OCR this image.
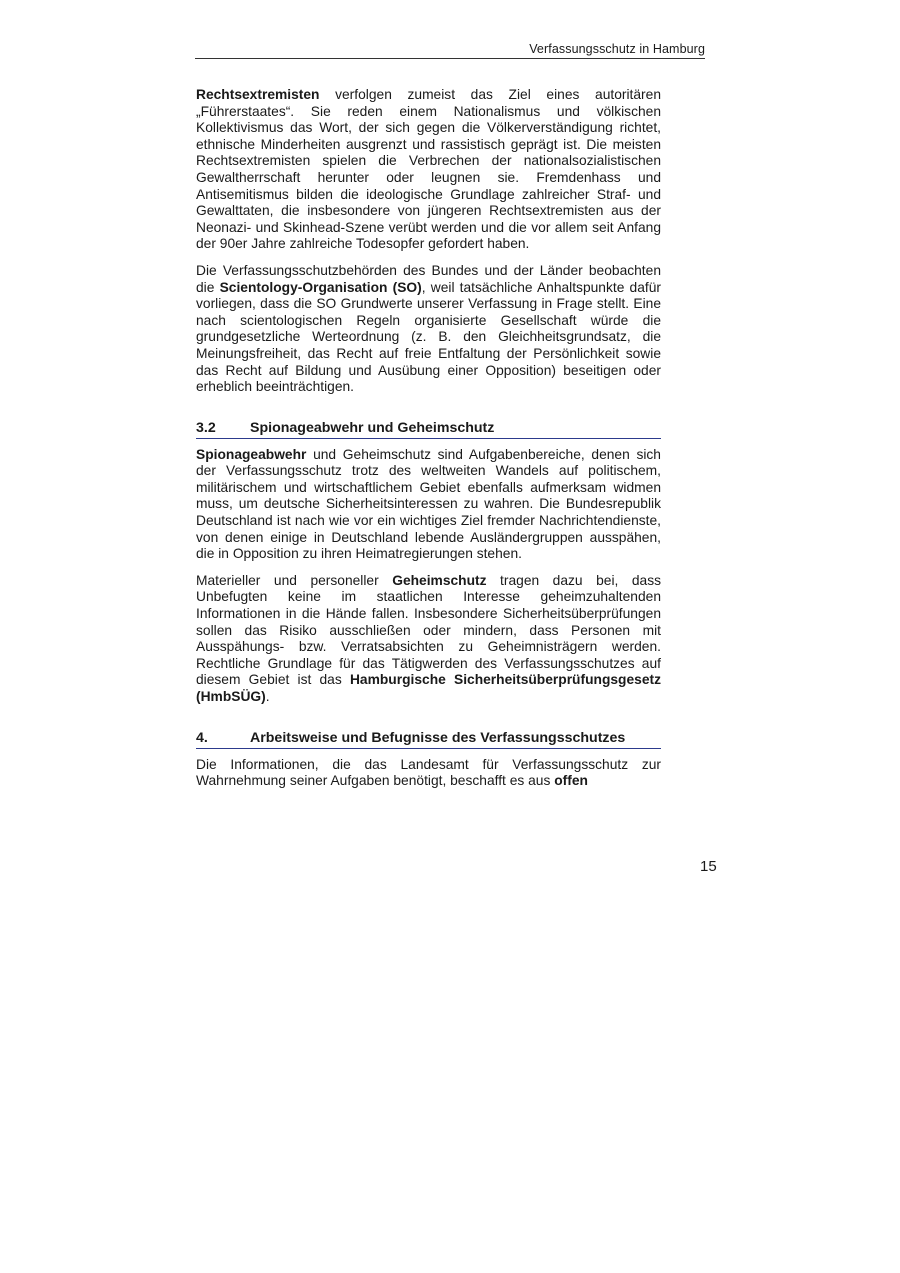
Verfassungsschutz in Hamburg

Rechtsextremisten verfolgen zumeist das Ziel eines autoritären „Führerstaates“. Sie reden einem Nationalismus und völkischen Kollektivismus das Wort, der sich gegen die Völkerverständigung richtet, ethnische Minderheiten ausgrenzt und rassistisch geprägt ist. Die meisten Rechtsextremisten spielen die Verbrechen der nationalsozialistischen Gewaltherrschaft herunter oder leugnen sie. Fremdenhass und Antisemitismus bilden die ideologische Grundlage zahlreicher Straf- und Gewalttaten, die insbesondere von jüngeren Rechtsextremisten aus der Neonazi- und Skinhead-Szene verübt werden und die vor allem seit Anfang der 90er Jahre zahlreiche Todesopfer gefordert haben.

Die Verfassungsschutzbehörden des Bundes und der Länder beobachten die Scientology-Organisation (SO), weil tatsächliche Anhaltspunkte dafür vorliegen, dass die SO Grundwerte unserer Verfassung in Frage stellt. Eine nach scientologischen Regeln organisierte Gesellschaft würde die grundgesetzliche Werteordnung (z. B. den Gleichheitsgrundsatz, die Meinungsfreiheit, das Recht auf freie Entfaltung der Persönlichkeit sowie das Recht auf Bildung und Ausübung einer Opposition) beseitigen oder erheblich beeinträchtigen.

3.2	Spionageabwehr und Geheimschutz

Spionageabwehr und Geheimschutz sind Aufgabenbereiche, denen sich der Verfassungsschutz trotz des weltweiten Wandels auf politischem, militärischem und wirtschaftlichem Gebiet ebenfalls aufmerksam widmen muss, um deutsche Sicherheitsinteressen zu wahren. Die Bundesrepublik Deutschland ist nach wie vor ein wichtiges Ziel fremder Nachrichtendienste, von denen einige in Deutschland lebende Ausländergruppen ausspähen, die in Opposition zu ihren Heimatregierungen stehen.

Materieller und personeller Geheimschutz tragen dazu bei, dass Unbefugten keine im staatlichen Interesse geheimzuhaltenden Informationen in die Hände fallen. Insbesondere Sicherheitsüberprüfungen sollen das Risiko ausschließen oder mindern, dass Personen mit Ausspähungs- bzw. Verratsabsichten zu Geheimnisträgern werden. Rechtliche Grundlage für das Tätigwerden des Verfassungsschutzes auf diesem Gebiet ist das Hamburgische Sicherheitsüberprüfungsgesetz (HmbSÜG).

4.	Arbeitsweise und Befugnisse des Verfassungsschutzes

Die Informationen, die das Landesamt für Verfassungsschutz zur Wahrnehmung seiner Aufgaben benötigt, beschafft es aus offen

15
